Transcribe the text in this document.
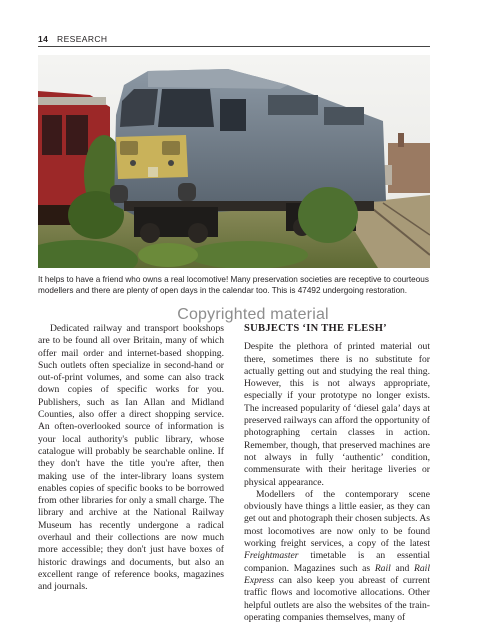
14 RESEARCH
It helps to have a friend who owns a real locomotive! Many preservation societies are receptive to courteous modellers and there are plenty of open days in the calendar too. This is 47492 undergoing restoration.
Copyrighted material

Dedicated railway and transport bookshops are to be found all over Britain, many of which offer mail order and internet-based shopping. Such outlets often specialize in second-hand or out-of-print volumes, and some can also track down copies of specific works for you. Publishers, such as Ian Allan and Midland Counties, also offer a direct shopping service. An often-overlooked source of information is your local authority's public library, whose catalogue will probably be searchable online. If they don't have the title you're after, then making use of the inter-library loans system enables copies of specific books to be borrowed from other libraries for only a small charge. The library and archive at the National Railway Museum has recently undergone a radical overhaul and their collections are now much more accessible; they don't just have boxes of historic drawings and documents, but also an excellent range of reference books, magazines and journals.

SUBJECTS ‘IN THE FLESH’

Despite the plethora of printed material out there, sometimes there is no substitute for actually getting out and studying the real thing. However, this is not always appropriate, especially if your prototype no longer exists. The increased popularity of ‘diesel gala’ days at preserved railways can afford the opportunity of photographing certain classes in action. Remember, though, that preserved machines are not always in fully ‘authentic’ condition, commensurate with their heritage liveries or physical appearance.

Modellers of the contemporary scene obviously have things a little easier, as they can get out and photograph their chosen subjects. As most locomotives are now only to be found working freight services, a copy of the latest Freightmaster timetable is an essential companion. Magazines such as Rail and Rail Express can also keep you abreast of current traffic flows and locomotive allocations. Other helpful outlets are also the websites of the train-operating companies themselves, many of
